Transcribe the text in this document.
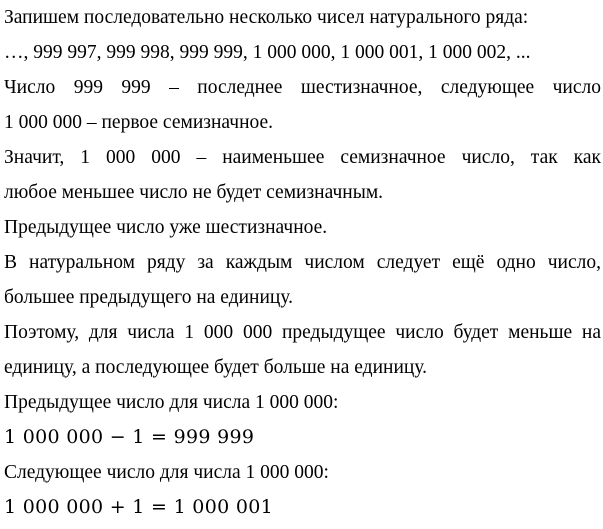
Запишем последовательно несколько чисел натурального ряда:
…, 999 997, 999 998, 999 999, 1 000 000, 1 000 001, 1 000 002, ...
Число 999 999 – последнее шестизначное, следующее число
1 000 000 – первое семизначное.
Значит, 1 000 000 – наименьшее семизначное число, так как
любое меньшее число не будет семизначным.
Предыдущее число уже шестизначное.
В натуральном ряду за каждым числом следует ещё одно число,
большее предыдущего на единицу.
Поэтому, для числа 1 000 000 предыдущее число будет меньше на
единицу, а последующее будет больше на единицу.
Предыдущее число для числа 1 000 000:
1 000 000 − 1 = 999 999
Следующее число для числа 1 000 000:
1 000 000 + 1 = 1 000 001
